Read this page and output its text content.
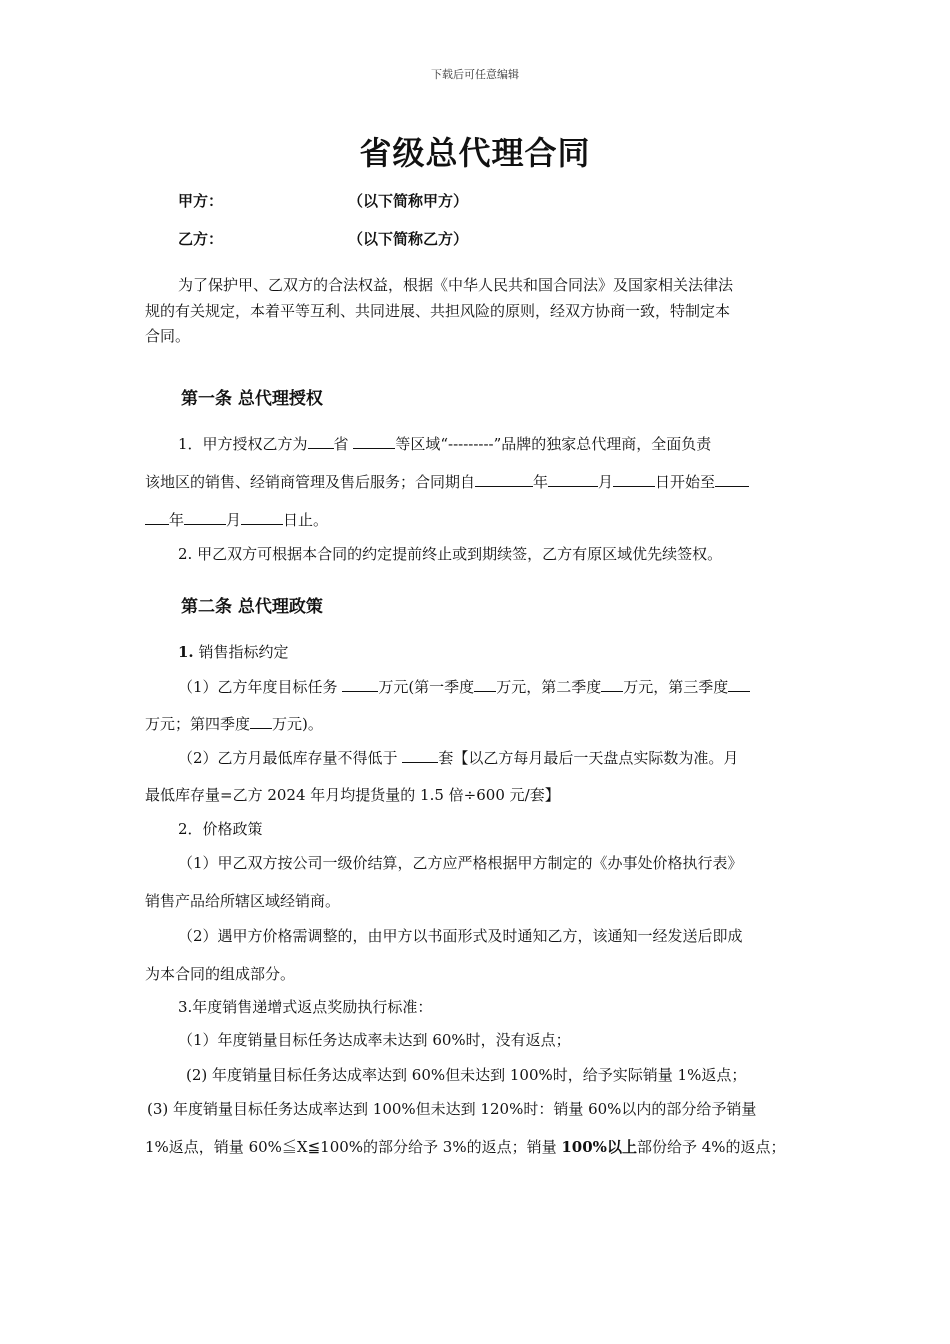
下载后可任意编辑
省级总代理合同
甲方：	（以下简称甲方）
乙方：	（以下简称乙方）
为了保护甲、乙双方的合法权益，根据《中华人民共和国合同法》及国家相关法律法
规的有关规定，本着平等互利、共同进展、共担风险的原则，经双方协商一致，特制定本
合同。
第一条 总代理授权
1．甲方授权乙方为 省	等区域“---------”品牌的独家总代理商，全面负责
该地区的销售、经销商管理及售后服务；合同期自	年	月	日开始至
年	月	日止。
2. 甲乙双方可根据本合同的约定提前终止或到期续签，乙方有原区域优先续签权。
第二条 总代理政策
1. 销售指标约定
（1）乙方年度目标任务 万元(第一季度 万元，第二季度 万元，第三季度
万元；第四季度 万元)。
（2）乙方月最低库存量不得低于 套【以乙方每月最后一天盘点实际数为准。月
最低库存量=乙方 2024 年月均提货量的 1.5 倍÷600 元/套】
2．价格政策
（1）甲乙双方按公司一级价结算，乙方应严格根据甲方制定的《办事处价格执行表》
销售产品给所辖区域经销商。
（2）遇甲方价格需调整的，由甲方以书面形式及时通知乙方，该通知一经发送后即成
为本合同的组成部分。
3.年度销售递增式返点奖励执行标准：
（1）年度销量目标任务达成率未达到 60%时，没有返点；
(2) 年度销量目标任务达成率达到 60%但未达到 100%时，给予实际销量 1%返点；
(3) 年度销量目标任务达成率达到 100%但未达到 120%时：销量 60%以内的部分给予销量
1%返点，销量 60%≦X≦100%的部分给予 3%的返点；销量 100%以上部份给予 4%的返点；
